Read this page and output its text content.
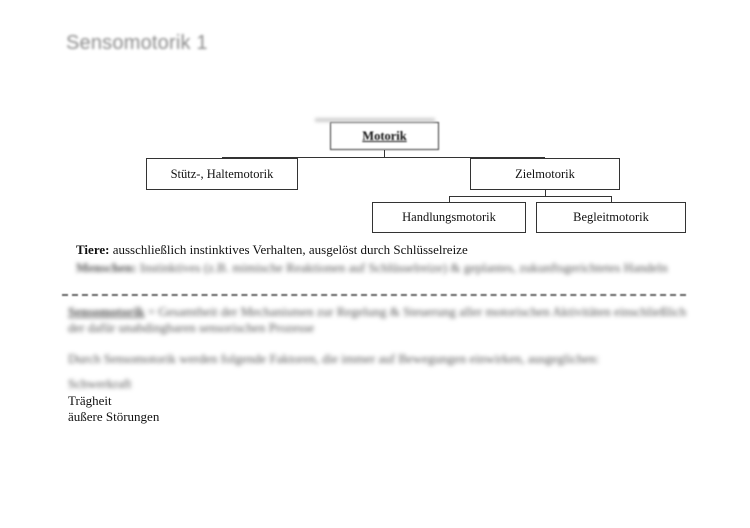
Sensomotorik 1
Motorik
Stütz-, Haltemotorik	Zielmotorik
Handlungsmotorik	Begleitmotorik
Tiere: ausschließlich instinktives Verhalten, ausgelöst durch Schlüsselreize
Menschen: Instinktives (z.B. mimische Reaktionen auf Schlüsselreize) & geplantes, zukunftsgerichtetes Handeln
Sensomotorik = Gesamtheit der Mechanismen zur Regelung & Steuerung aller motorischen Aktivitäten einschließlich der dafür unabdingbaren sensorischen Prozesse
Durch Sensomotorik werden folgende Faktoren, die immer auf Bewegungen einwirken, ausgeglichen:
Schwerkraft
Trägheit
äußere Störungen
